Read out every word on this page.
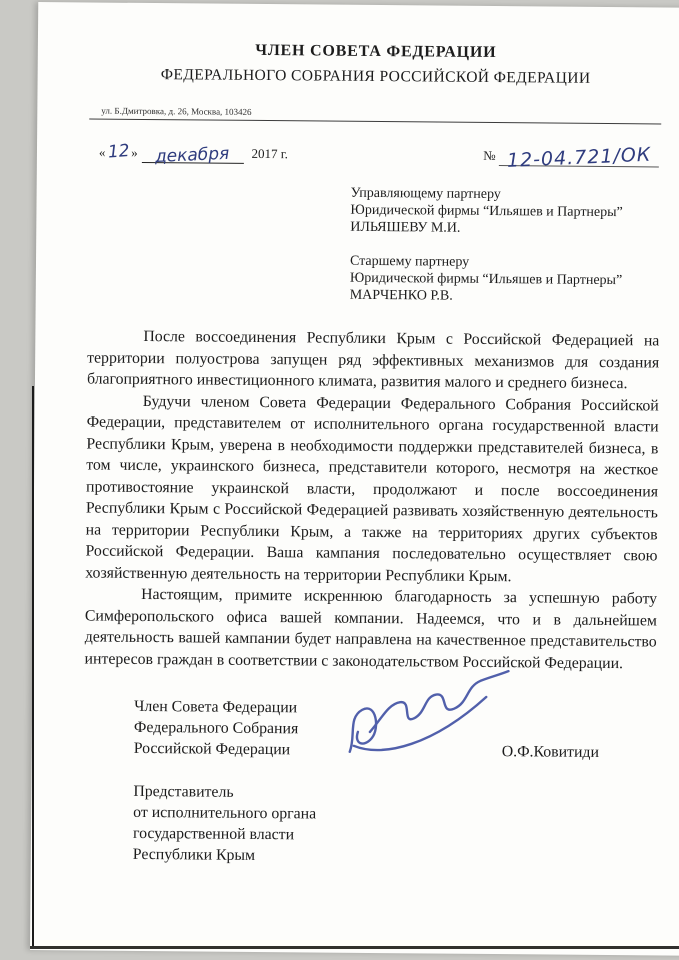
ЧЛЕН СОВЕТА ФЕДЕРАЦИИ
ФЕДЕРАЛЬНОГО СОБРАНИЯ РОССИЙСКОЙ ФЕДЕРАЦИИ
ул. Б.Дмитровка, д. 26, Москва, 103426
«12» декабря 2017 г.	№ 12-04.721/ОК
Управляющему партнеру
Юридической фирмы “Ильяшев и Партнеры”
ИЛЬЯШЕВУ М.И.
Старшему партнеру
Юридической фирмы “Ильяшев и Партнеры”
МАРЧЕНКО Р.В.

После воссоединения Республики Крым с Российской Федерацией на территории полуострова запущен ряд эффективных механизмов для создания благоприятного инвестиционного климата, развития малого и среднего бизнеса.

Будучи членом Совета Федерации Федерального Собрания Российской Федерации, представителем от исполнительного органа государственной власти Республики Крым, уверена в необходимости поддержки представителей бизнеса, в том числе, украинского бизнеса, представители которого, несмотря на жесткое противостояние украинской власти, продолжают и после воссоединения Республики Крым с Российской Федерацией развивать хозяйственную деятельность на территории Республики Крым, а также на территориях других субъектов Российской Федерации. Ваша кампания последовательно осуществляет свою хозяйственную деятельность на территории Республики Крым.

Настоящим, примите искреннюю благодарность за успешную работу Симферопольского офиса вашей компании. Надеемся, что и в дальнейшем деятельность вашей кампании будет направлена на качественное представительство интересов граждан в соответствии с законодательством Российской Федерации.

Член Совета Федерации
Федерального Собрания
Российской Федерации	О.Ф.Ковитиди
Представитель
от исполнительного органа
государственной власти
Республики Крым
